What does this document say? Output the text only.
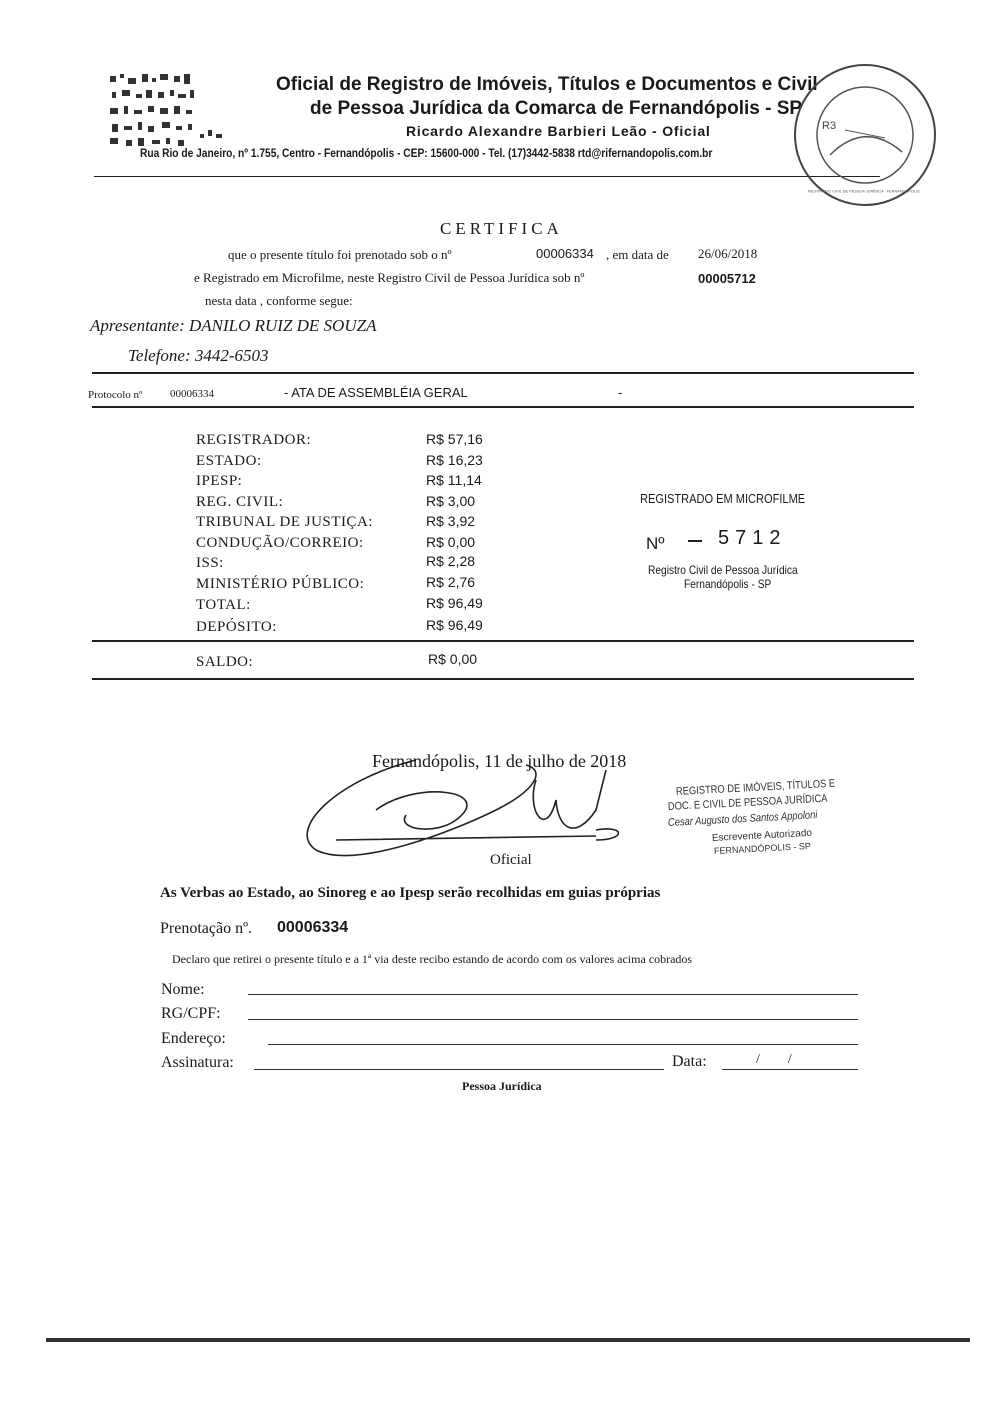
Oficial de Registro de Imóveis, Títulos e Documentos e Civil
de Pessoa Jurídica da Comarca de Fernandópolis - SP
Ricardo Alexandre Barbieri Leão - Oficial
Rua Rio de Janeiro, nº 1.755, Centro - Fernandópolis - CEP: 15600-000 - Tel. (17)3442-5838 rtd@rifernandopolis.com.br
R3
RESTRITIVO CIVIL DE PESSOA JURÍDICA · FERNANDÓPOLIS
CERTIFICA
que o presente título foi prenotado sob o nº	00006334 , em data de 26/06/2018
e Registrado em Microfilme, neste Registro Civil de Pessoa Jurídica sob nº	00005712
nesta data , conforme segue:
Apresentante: DANILO RUIZ DE SOUZA
Telefone: 3442-6503
Protocolo nº	00006334	- ATA DE ASSEMBLÉIA GERAL	-
REGISTRADOR:	R$ 57,16
ESTADO:	R$ 16,23
IPESP:	R$ 11,14
REG. CIVIL:	R$ 3,00
TRIBUNAL DE JUSTIÇA:	R$ 3,92
CONDUÇÃO/CORREIO:	R$ 0,00
ISS:	R$ 2,28
MINISTÉRIO PÚBLICO:	R$ 2,76
TOTAL:	R$ 96,49
DEPÓSITO:	R$ 96,49
SALDO:	R$ 0,00
REGISTRADO EM MICROFILME
Nº	5712
Registro Civil de Pessoa Jurídica
Fernandópolis - SP
Fernandópolis, 11 de julho de 2018
Oficial
REGISTRO DE IMÓVEIS, TÍTULOS E
DOC. E CIVIL DE PESSOA JURÍDICA
Cesar Augusto dos Santos Appoloni
Escrevente Autorizado
FERNANDÓPOLIS - SP
As Verbas ao Estado, ao Sinoreg e ao Ipesp serão recolhidas em guias próprias
Prenotação nº. 00006334
Declaro que retirei o presente título e a 1ª via deste recibo estando de acordo com os valores acima cobrados
Nome:
RG/CPF:
Endereço:
Assinatura:	Data:	/        /
Pessoa Jurídica
